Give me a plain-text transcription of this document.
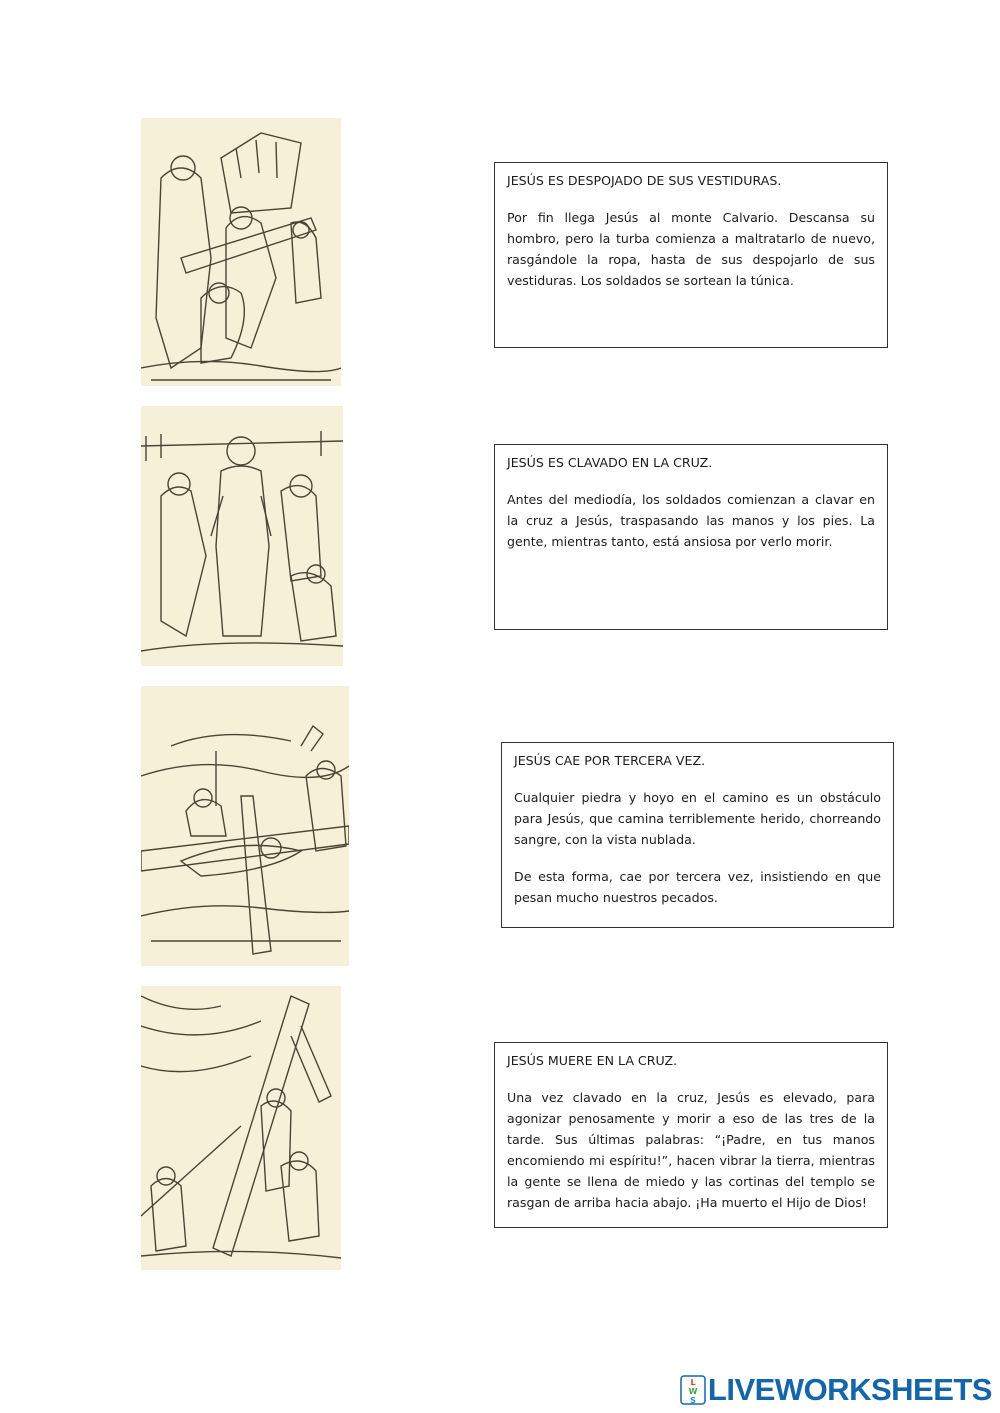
JESÚS ES DESPOJADO DE SUS VESTIDURAS.

Por fin llega Jesús al monte Calvario. Descansa su hombro, pero la turba comienza a maltratarlo de nuevo, rasgándole la ropa, hasta de sus despojarlo de sus vestiduras. Los soldados se sortean la túnica.

JESÚS ES CLAVADO EN LA CRUZ.

Antes del mediodía, los soldados comienzan a clavar en la cruz a Jesús, traspasando las manos y los pies. La gente, mientras tanto, está ansiosa por verlo morir.

JESÚS CAE POR TERCERA VEZ.

Cualquier piedra y hoyo en el camino es un obstáculo para Jesús, que camina terriblemente herido, chorreando sangre, con la vista nublada.

De esta forma, cae por tercera vez, insistiendo en que pesan mucho nuestros pecados.

JESÚS MUERE EN LA CRUZ.

Una vez clavado en la cruz, Jesús es elevado, para agonizar penosamente y morir a eso de las tres de la tarde. Sus últimas palabras: “¡Padre, en tus manos encomiendo mi espíritu!”, hacen vibrar la tierra, mientras la gente se llena de miedo y las cortinas del templo se rasgan de arriba hacia abajo. ¡Ha muerto el Hijo de Dios!

L
W
S LIVEWORKSHEETS
